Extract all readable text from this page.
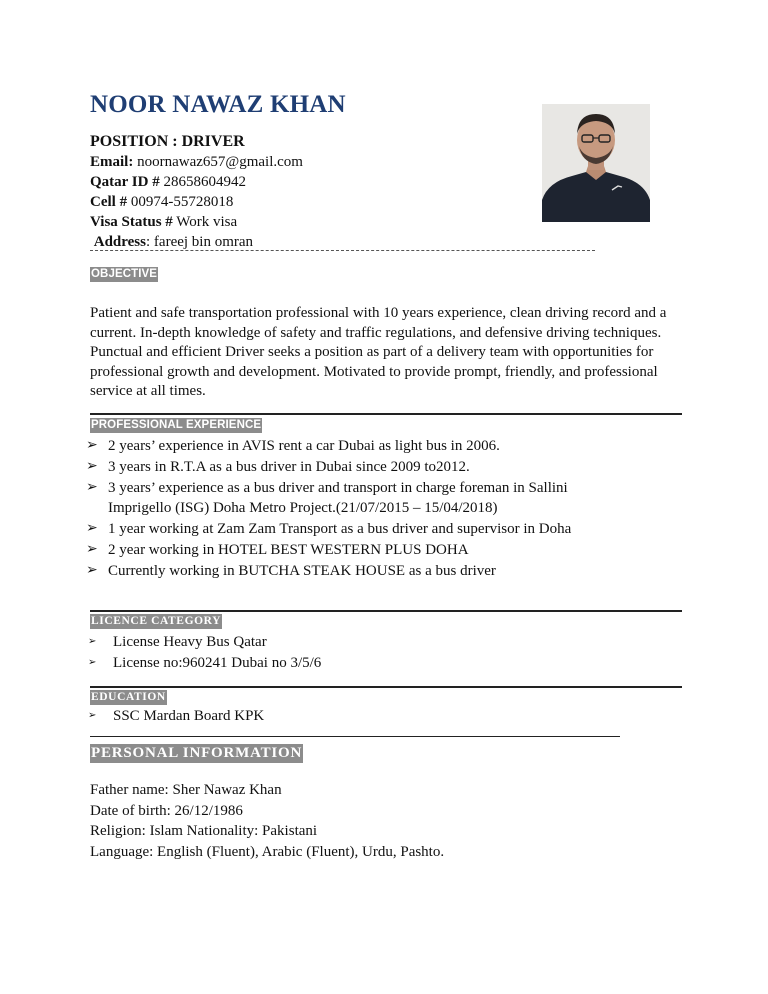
NOOR NAWAZ KHAN
POSITION : DRIVER
Email: noornawaz657@gmail.com
Qatar ID # 28658604942
Cell # 00974-55728018
Visa Status # Work visa
Address: fareej bin omran
OBJECTIVE

Patient and safe transportation professional with 10 years experience, clean driving record and a current. In-depth knowledge of safety and traffic regulations, and defensive driving techniques. Punctual and efficient Driver seeks a position as part of a delivery team with opportunities for professional growth and development. Motivated to provide prompt, friendly, and professional service at all times.

PROFESSIONAL EXPERIENCE
➢ 2 years’ experience in AVIS rent a car Dubai as light bus in 2006.
➢ 3 years in R.T.A as a bus driver in Dubai since 2009 to2012.
➢ 3 years’ experience as a bus driver and transport in charge foreman in Sallini
Imprigello (ISG) Doha Metro Project.(21/07/2015 – 15/04/2018)
➢ 1 year working at Zam Zam Transport as a bus driver and supervisor in Doha
➢ 2 year working in HOTEL BEST WESTERN PLUS DOHA
➢ Currently working in BUTCHA STEAK HOUSE as a bus driver
LICENCE CATEGORY
➢ License Heavy Bus Qatar
➢ License no:960241 Dubai no 3/5/6
EDUCATION
➢ SSC Mardan Board KPK
PERSONAL INFORMATION
Father name: Sher Nawaz Khan
Date of birth: 26/12/1986
Religion: Islam Nationality: Pakistani
Language: English (Fluent), Arabic (Fluent), Urdu, Pashto.
